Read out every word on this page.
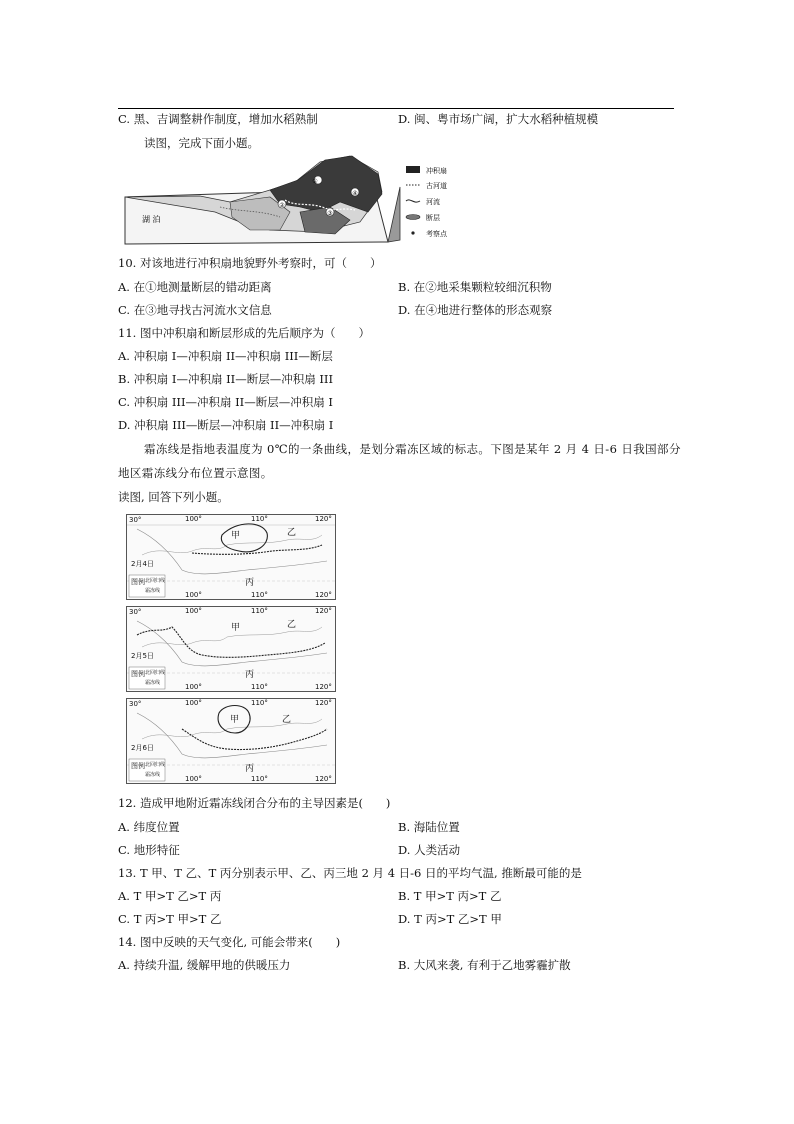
C. 黑、吉调整耕作制度，增加水稻熟制	D. 闽、粤市场广阔，扩大水稻种植规模
读图，完成下面小题。
湖 泊
①
②
③
④
冲积扇
古河道
河流
断层
考察点
10. 对该地进行冲积扇地貌野外考察时，可（　　）
A. 在①地测量断层的错动距离	B. 在②地采集颗粒较细沉积物
C. 在③地寻找古河流水文信息	D. 在④地进行整体的形态观察
11. 图中冲积扇和断层形成的先后顺序为（　　）
A. 冲积扇 I—冲积扇 II—冲积扇 III—断层
B. 冲积扇 I—冲积扇 II—断层—冲积扇 III
C. 冲积扇 III—冲积扇 II—断层—冲积扇 I
D. 冲积扇 III—断层—冲积扇 II—冲积扇 I
霜冻线是指地表温度为 0℃的一条曲线，是划分霜冻区域的标志。下图是某年 2 月 4 日-6 日我国部分
地区霜冻线分布位置示意图。
读图, 回答下列小题。
30°	100°	110°	120°
甲	乙
丙
2月4日
图例 北回归线
霜冻线	100°	110°	120°
30°	100°	110°	120°
甲	乙
丙
2月5日
图例 北回归线
霜冻线	100°	110°	120°
30°	100°	110°	120°
甲	乙
丙
2月6日
图例 北回归线
霜冻线	100°	110°	120°
12. 造成甲地附近霜冻线闭合分布的主导因素是(　　)
A. 纬度位置	B. 海陆位置
C. 地形特征	D. 人类活动
13. T 甲、T 乙、T 丙分别表示甲、乙、丙三地 2 月 4 日-6 日的平均气温, 推断最可能的是
A. T 甲>T 乙>T 丙	B. T 甲>T 丙>T 乙
C. T 丙>T 甲>T 乙	D. T 丙>T 乙>T 甲
14. 图中反映的天气变化, 可能会带来(　　)
A. 持续升温, 缓解甲地的供暖压力	B. 大风来袭, 有利于乙地雾霾扩散
